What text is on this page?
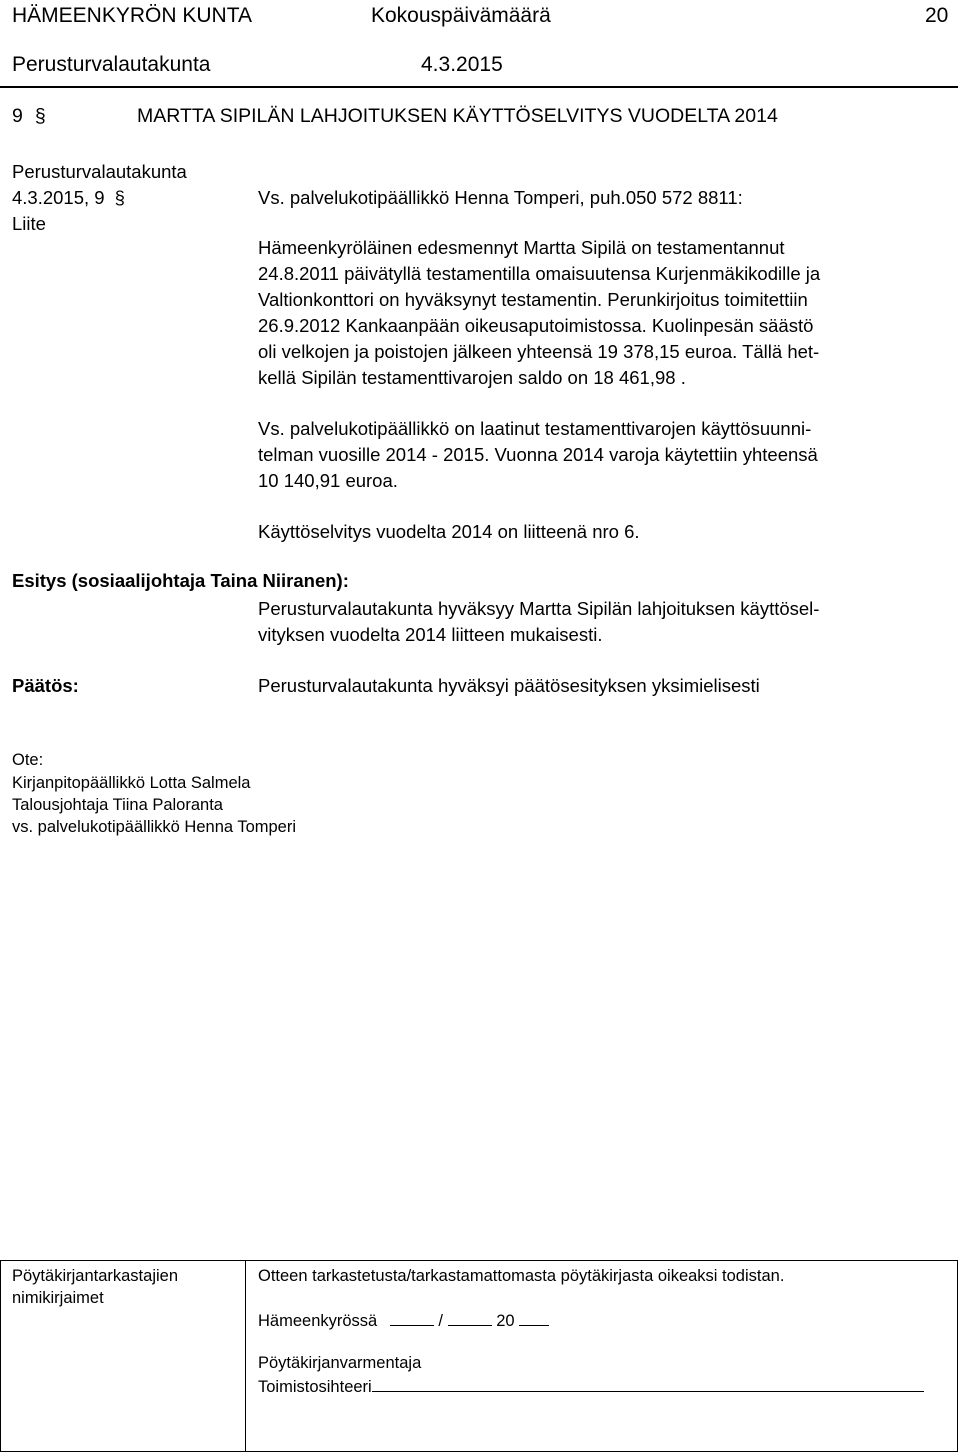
HÄMEENKYRÖN KUNTA	Kokouspäivämäärä	20
Perusturvalautakunta	4.3.2015
9 §	MARTTA SIPILÄN LAHJOITUKSEN KÄYTTÖSELVITYS VUODELTA 2014
Perusturvalautakunta
4.3.2015, 9 §
Liite
Vs. palvelukotipäällikkö Henna Tomperi, puh.050 572 8811:
Hämeenkyröläinen edesmennyt Martta Sipilä on testamentannut
24.8.2011 päivätyllä testamentilla omaisuutensa Kurjenmäkikodille ja
Valtionkonttori on hyväksynyt testamentin. Perunkirjoitus toimitettiin
26.9.2012 Kankaanpään oikeusaputoimistossa. Kuolinpesän säästö
oli velkojen ja poistojen jälkeen yhteensä 19 378,15 euroa. Tällä het-
kellä Sipilän testamenttivarojen saldo on 18 461,98 .
Vs. palvelukotipäällikkö on laatinut testamenttivarojen käyttösuunni-
telman vuosille 2014 - 2015. Vuonna 2014 varoja käytettiin yhteensä
10 140,91 euroa.
Käyttöselvitys vuodelta 2014 on liitteenä nro 6.
Esitys (sosiaalijohtaja Taina Niiranen):
Perusturvalautakunta hyväksyy Martta Sipilän lahjoituksen käyttösel-
vityksen vuodelta 2014 liitteen mukaisesti.
Päätös:	Perusturvalautakunta hyväksyi päätösesityksen yksimielisesti
Ote:
Kirjanpitopäällikkö Lotta Salmela
Talousjohtaja Tiina Paloranta
vs. palvelukotipäällikkö Henna Tomperi
Pöytäkirjantarkastajien
nimikirjaimet
Otteen tarkastetusta/tarkastamattomasta pöytäkirjasta oikeaksi todistan.
Hämeenkyrössä	/	20
Pöytäkirjanvarmentaja
Toimistosihteeri
